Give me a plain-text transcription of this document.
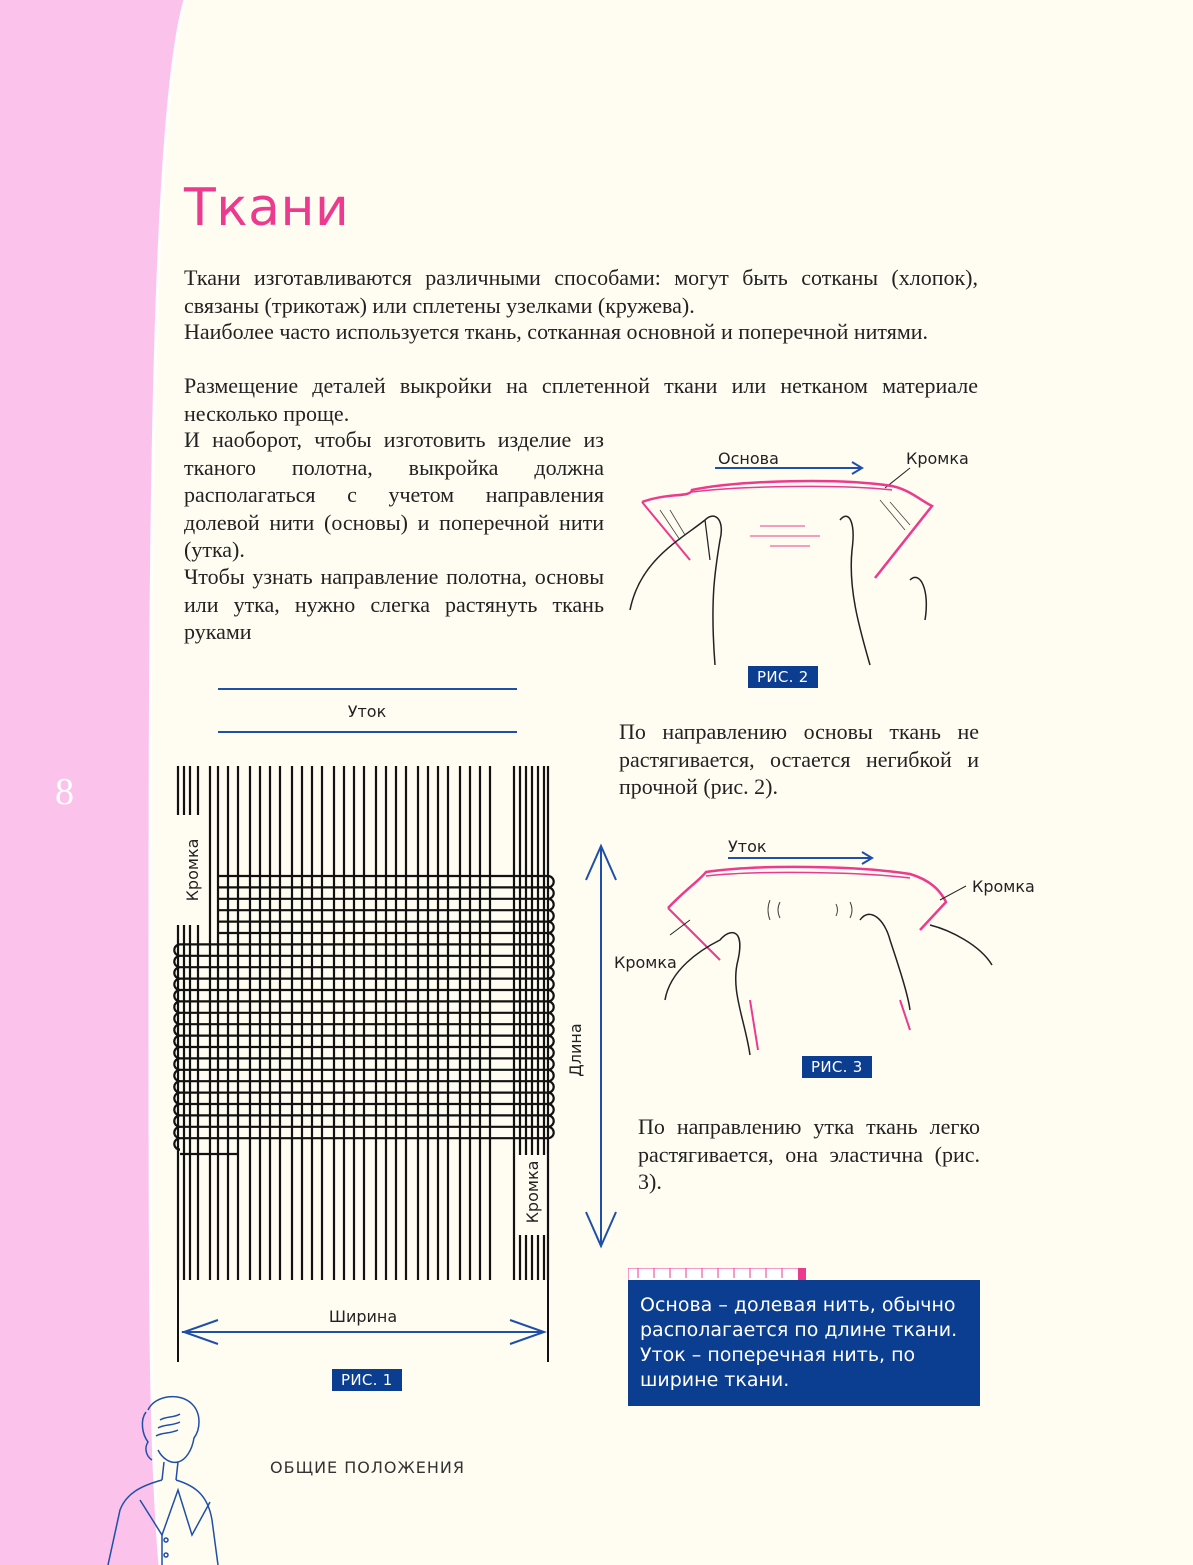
8
Ткани

Ткани изготавливаются различными способами: могут быть сотканы (хлопок), связаны (трикотаж) или сплетены узелками (кружева).

Наиболее часто используется ткань, сотканная основной и поперечной нитями.

Размещение деталей выкройки на сплетенной ткани или нетканом материале несколько проще.

И наоборот, чтобы изготовить изделие из тканого полотна, выкройка должна располагаться с учетом направления долевой нити (основы) и поперечной нити (утка).

Чтобы узнать направление полотна, основы или утка, нужно слегка растянуть ткань руками

По направлению основы ткань не растягивается, остается негибкой и прочной (рис. 2).

По направлению утка ткань легко растягивается, она эластична (рис. 3).

Основа	Кромка
РИС. 2
Уток
Кромка
Кромка
РИС. 3
Уток
Кромка
Кромка
Длина
Ширина
РИС. 1
Основа – долевая нить, обычно располагается по длине ткани.
Уток – поперечная нить, по ширине ткани.
ОБЩИЕ ПОЛОЖЕНИЯ
